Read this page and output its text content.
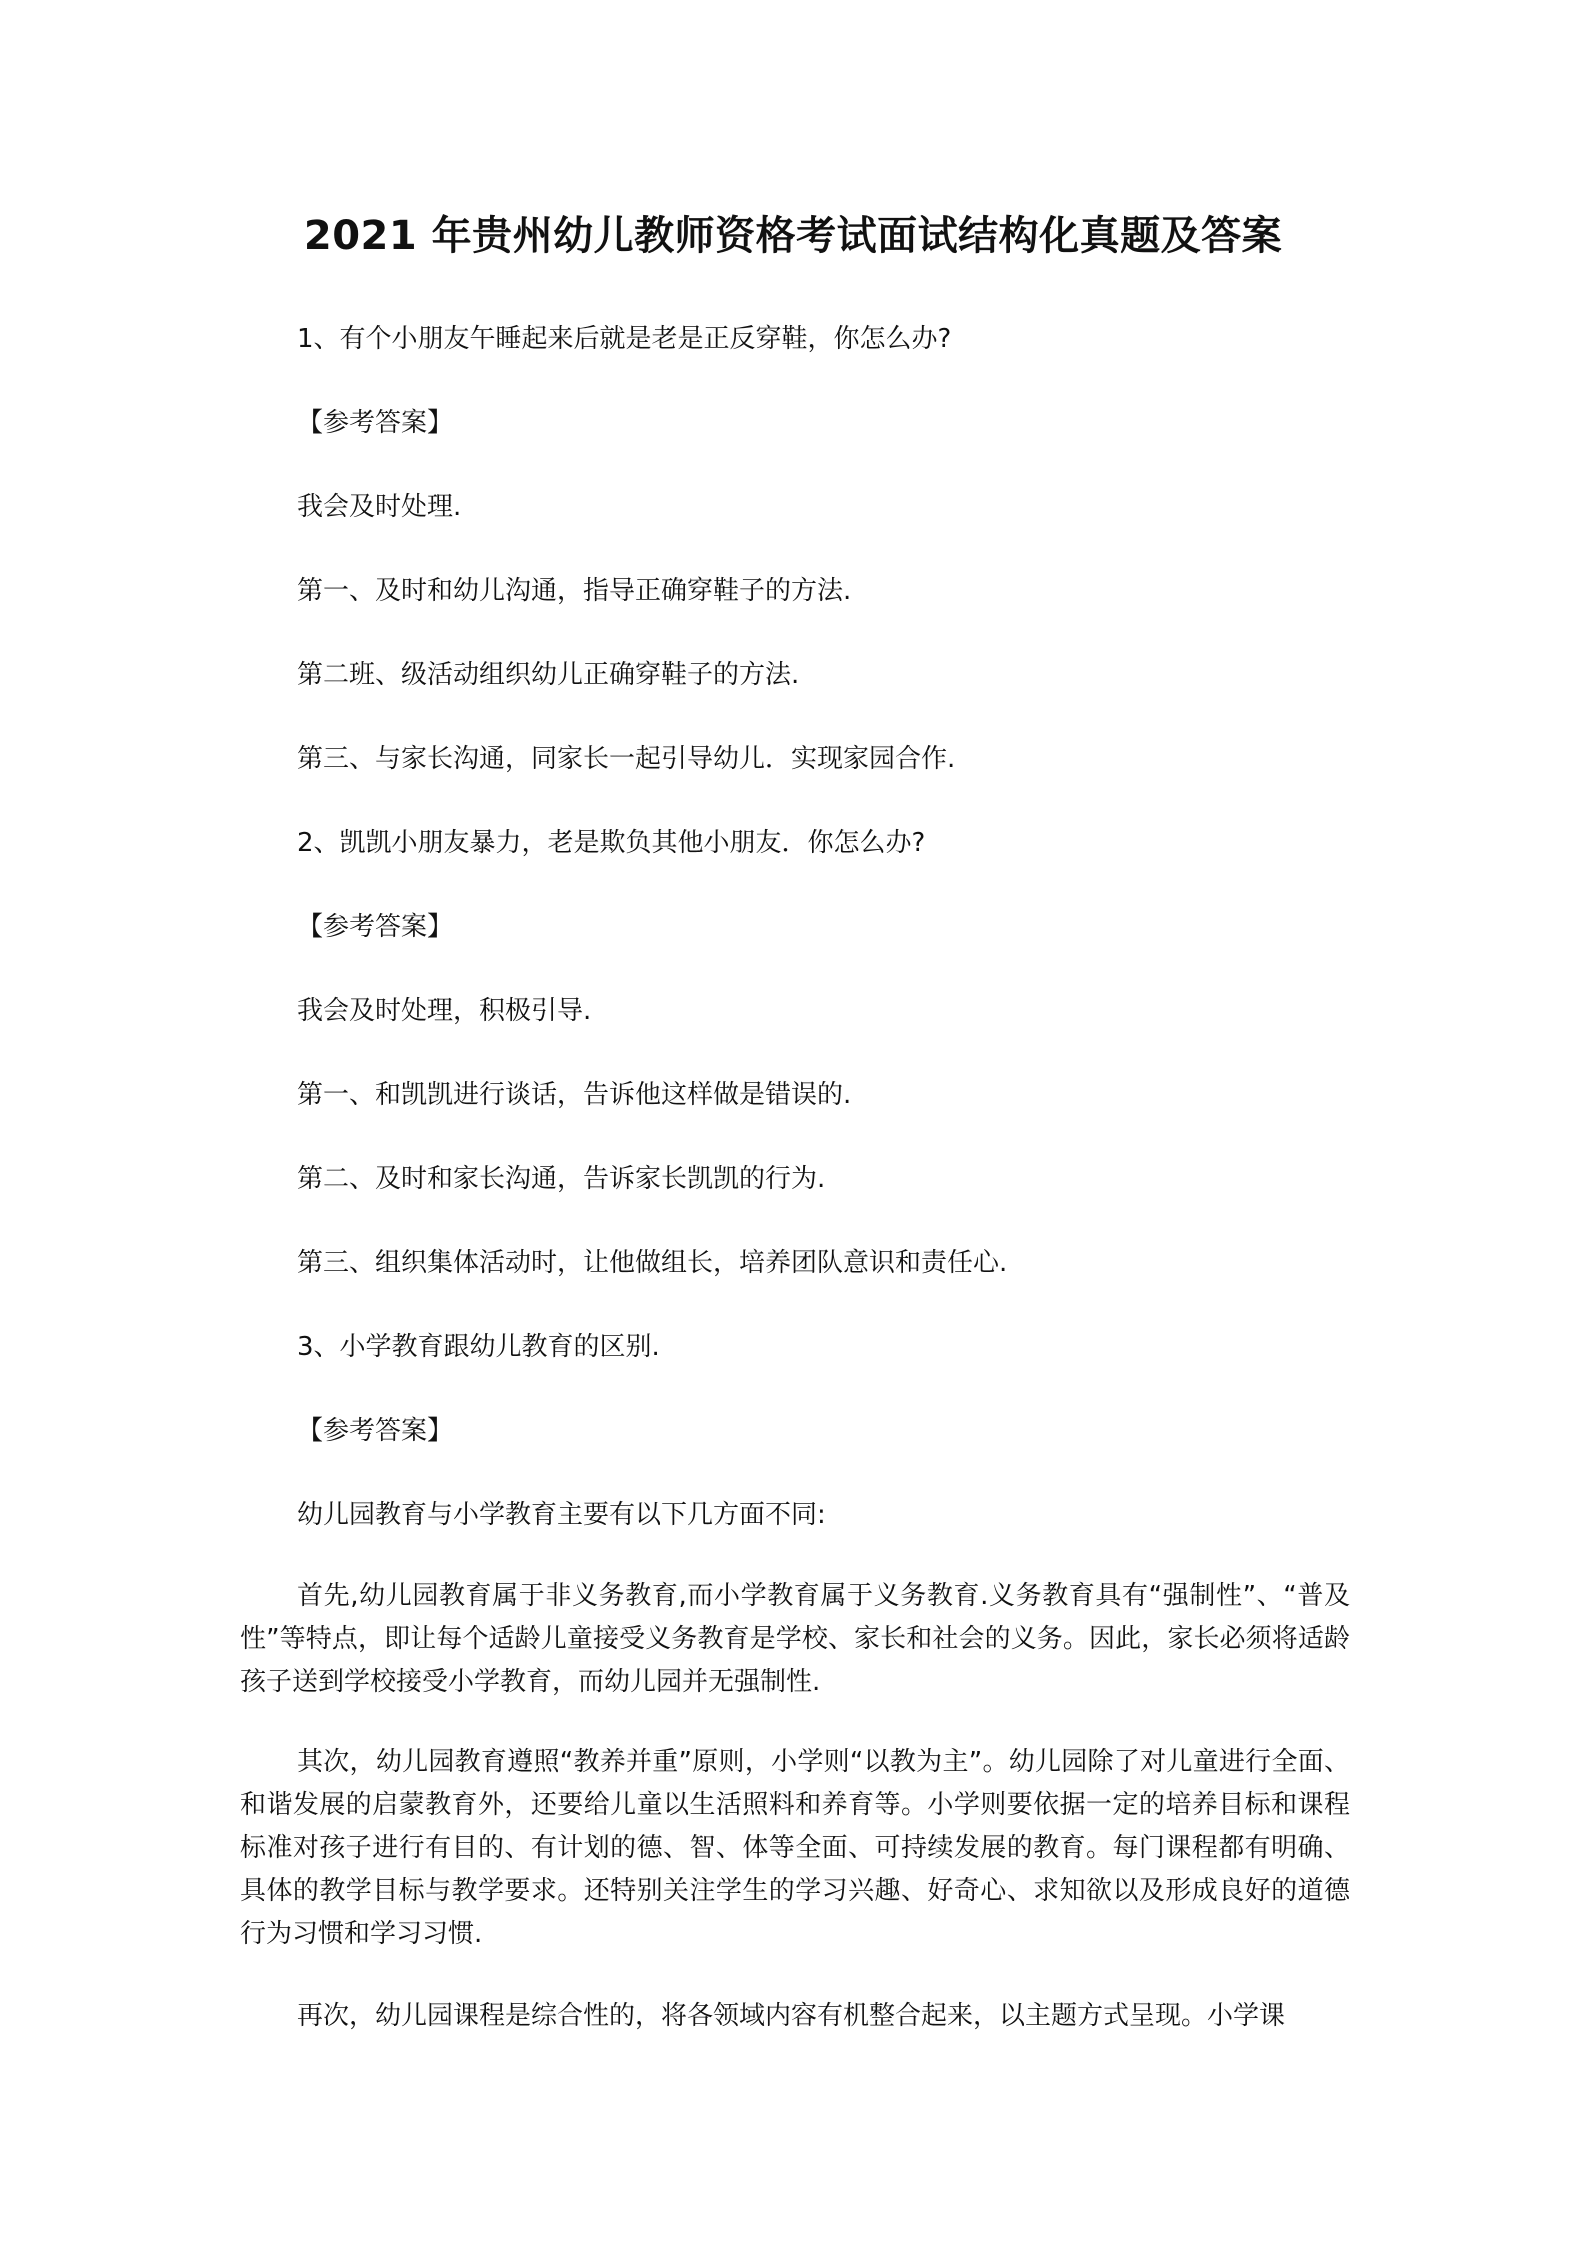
2021 年贵州幼儿教师资格考试面试结构化真题及答案

1、有个小朋友午睡起来后就是老是正反穿鞋，你怎么办?

【参考答案】

我会及时处理.

第一、及时和幼儿沟通，指导正确穿鞋子的方法.

第二班、级活动组织幼儿正确穿鞋子的方法.

第三、与家长沟通，同家长一起引导幼儿．实现家园合作.

2、凯凯小朋友暴力，老是欺负其他小朋友．你怎么办?

【参考答案】

我会及时处理，积极引导.

第一、和凯凯进行谈话，告诉他这样做是错误的.

第二、及时和家长沟通，告诉家长凯凯的行为.

第三、组织集体活动时，让他做组长，培养团队意识和责任心.

3、小学教育跟幼儿教育的区别.

【参考答案】

幼儿园教育与小学教育主要有以下几方面不同:

首先,幼儿园教育属于非义务教育,而小学教育属于义务教育.义务教育具有“强制性”、“普及性”等特点，即让每个适龄儿童接受义务教育是学校、家长和社会的义务。因此，家长必须将适龄孩子送到学校接受小学教育，而幼儿园并无强制性.

其次，幼儿园教育遵照“教养并重”原则，小学则“以教为主”。幼儿园除了对儿童进行全面、和谐发展的启蒙教育外，还要给儿童以生活照料和养育等。小学则要依据一定的培养目标和课程标准对孩子进行有目的、有计划的德、智、体等全面、可持续发展的教育。每门课程都有明确、具体的教学目标与教学要求。还特别关注学生的学习兴趣、好奇心、求知欲以及形成良好的道德行为习惯和学习习惯.

再次，幼儿园课程是综合性的，将各领域内容有机整合起来，以主题方式呈现。小学课
